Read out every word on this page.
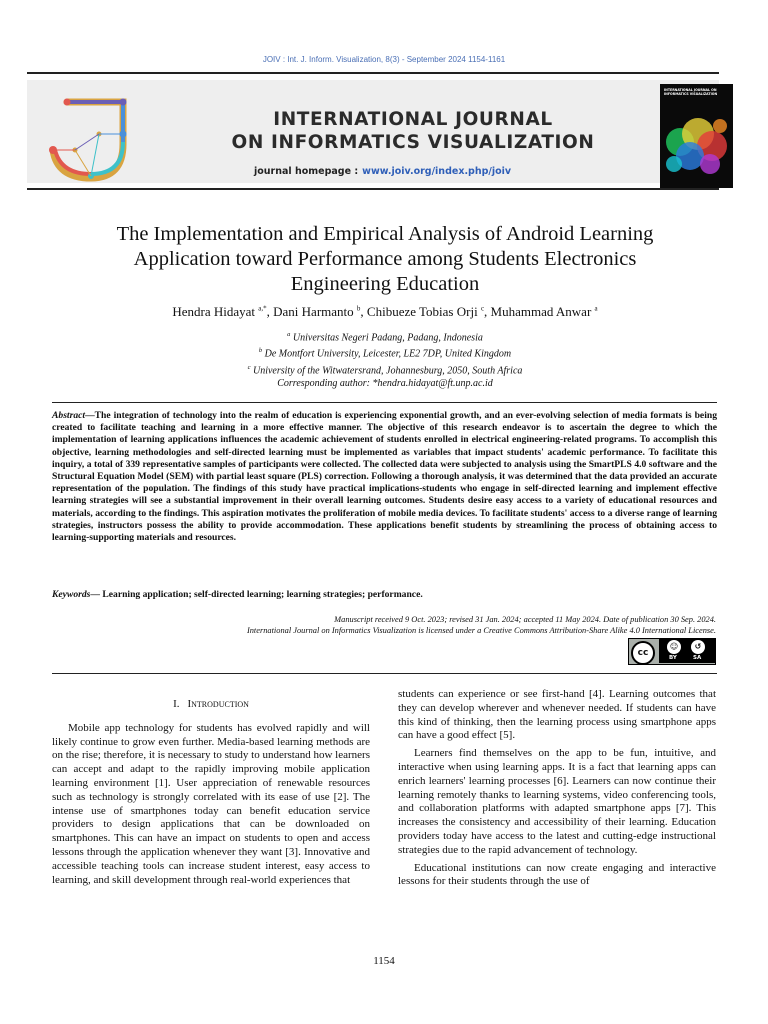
JOIV : Int. J. Inform. Visualization, 8(3) - September 2024 1154-1161
INTERNATIONAL JOURNAL
ON INFORMATICS VISUALIZATION
journal homepage : www.joiv.org/index.php/joiv
INTERNATIONAL JOURNAL ON INFORMATICS VISUALIZATION
The Implementation and Empirical Analysis of Android Learning
Application toward Performance among Students Electronics
Engineering Education
Hendra Hidayat $^{a,*}$, Dani Harmanto $^b$, Chibueze Tobias Orji $^c$, Muhammad Anwar $^a$
$^a$ Universitas Negeri Padang, Padang, Indonesia
$^b$ De Montfort University, Leicester, LE2 7DP, United Kingdom
$^c$ University of the Witwatersrand, Johannesburg, 2050, South Africa
Corresponding author: *hendra.hidayat@ft.unp.ac.id
Abstract—The integration of technology into the realm of education is experiencing exponential growth, and an ever-evolving selection of media formats is being created to facilitate teaching and learning in a more effective manner. The objective of this research endeavor is to ascertain the degree to which the implementation of learning applications influences the academic achievement of students enrolled in electrical engineering-related programs. To accomplish this objective, learning methodologies and self-directed learning must be implemented as variables that impact students' academic performance. To facilitate this inquiry, a total of 339 representative samples of participants were collected. The collected data were subjected to analysis using the SmartPLS 4.0 software and the Structural Equation Model (SEM) with partial least square (PLS) correction. Following a thorough analysis, it was determined that the data provided an accurate representation of the population. The findings of this study have practical implications-students who engage in self-directed learning and implement effective learning strategies will see a substantial improvement in their overall learning outcomes. Students desire easy access to a variety of educational resources and materials, according to the findings. This aspiration motivates the proliferation of mobile media devices. To facilitate students' access to a diverse range of learning strategies, instructors possess the ability to provide accommodation. These applications benefit students by streamlining the process of obtaining access to learning-supporting materials and resources.
Keywords— Learning application; self-directed learning; learning strategies; performance.
Manuscript received 9 Oct. 2023; revised 31 Jan. 2024; accepted 11 May 2024. Date of publication 30 Sep. 2024.
International Journal on Informatics Visualization is licensed under a Creative Commons Attribution-Share Alike 4.0 International License.
cc
☺	↺
BY	SA
I. Introduction

Mobile app technology for students has evolved rapidly and will likely continue to grow even further. Media-based learning methods are on the rise; therefore, it is necessary to study to understand how learners can accept and adapt to the rapidly improving mobile application learning environment [1]. User appreciation of renewable resources such as technology is strongly correlated with its ease of use [2]. The intense use of smartphones today can benefit education service providers to design applications that can be downloaded on smartphones. This can have an impact on students to open and access lessons through the application whenever they want [3]. Innovative and accessible teaching tools can increase student interest, easy access to learning, and skill development through real-world experiences that

students can experience or see first-hand [4]. Learning outcomes that they can develop wherever and whenever needed. If students can have this kind of thinking, then the learning process using smartphone apps can have a good effect [5].

Learners find themselves on the app to be fun, intuitive, and interactive when using learning apps. It is a fact that learning apps can enrich learners' learning processes [6]. Learners can now continue their learning remotely thanks to learning systems, video conferencing tools, and collaboration platforms with adapted smartphone apps [7]. This increases the consistency and accessibility of their learning. Education providers today have access to the latest and cutting-edge instructional strategies due to the rapid advancement of technology.

Educational institutions can now create engaging and interactive lessons for their students through the use of

1154
